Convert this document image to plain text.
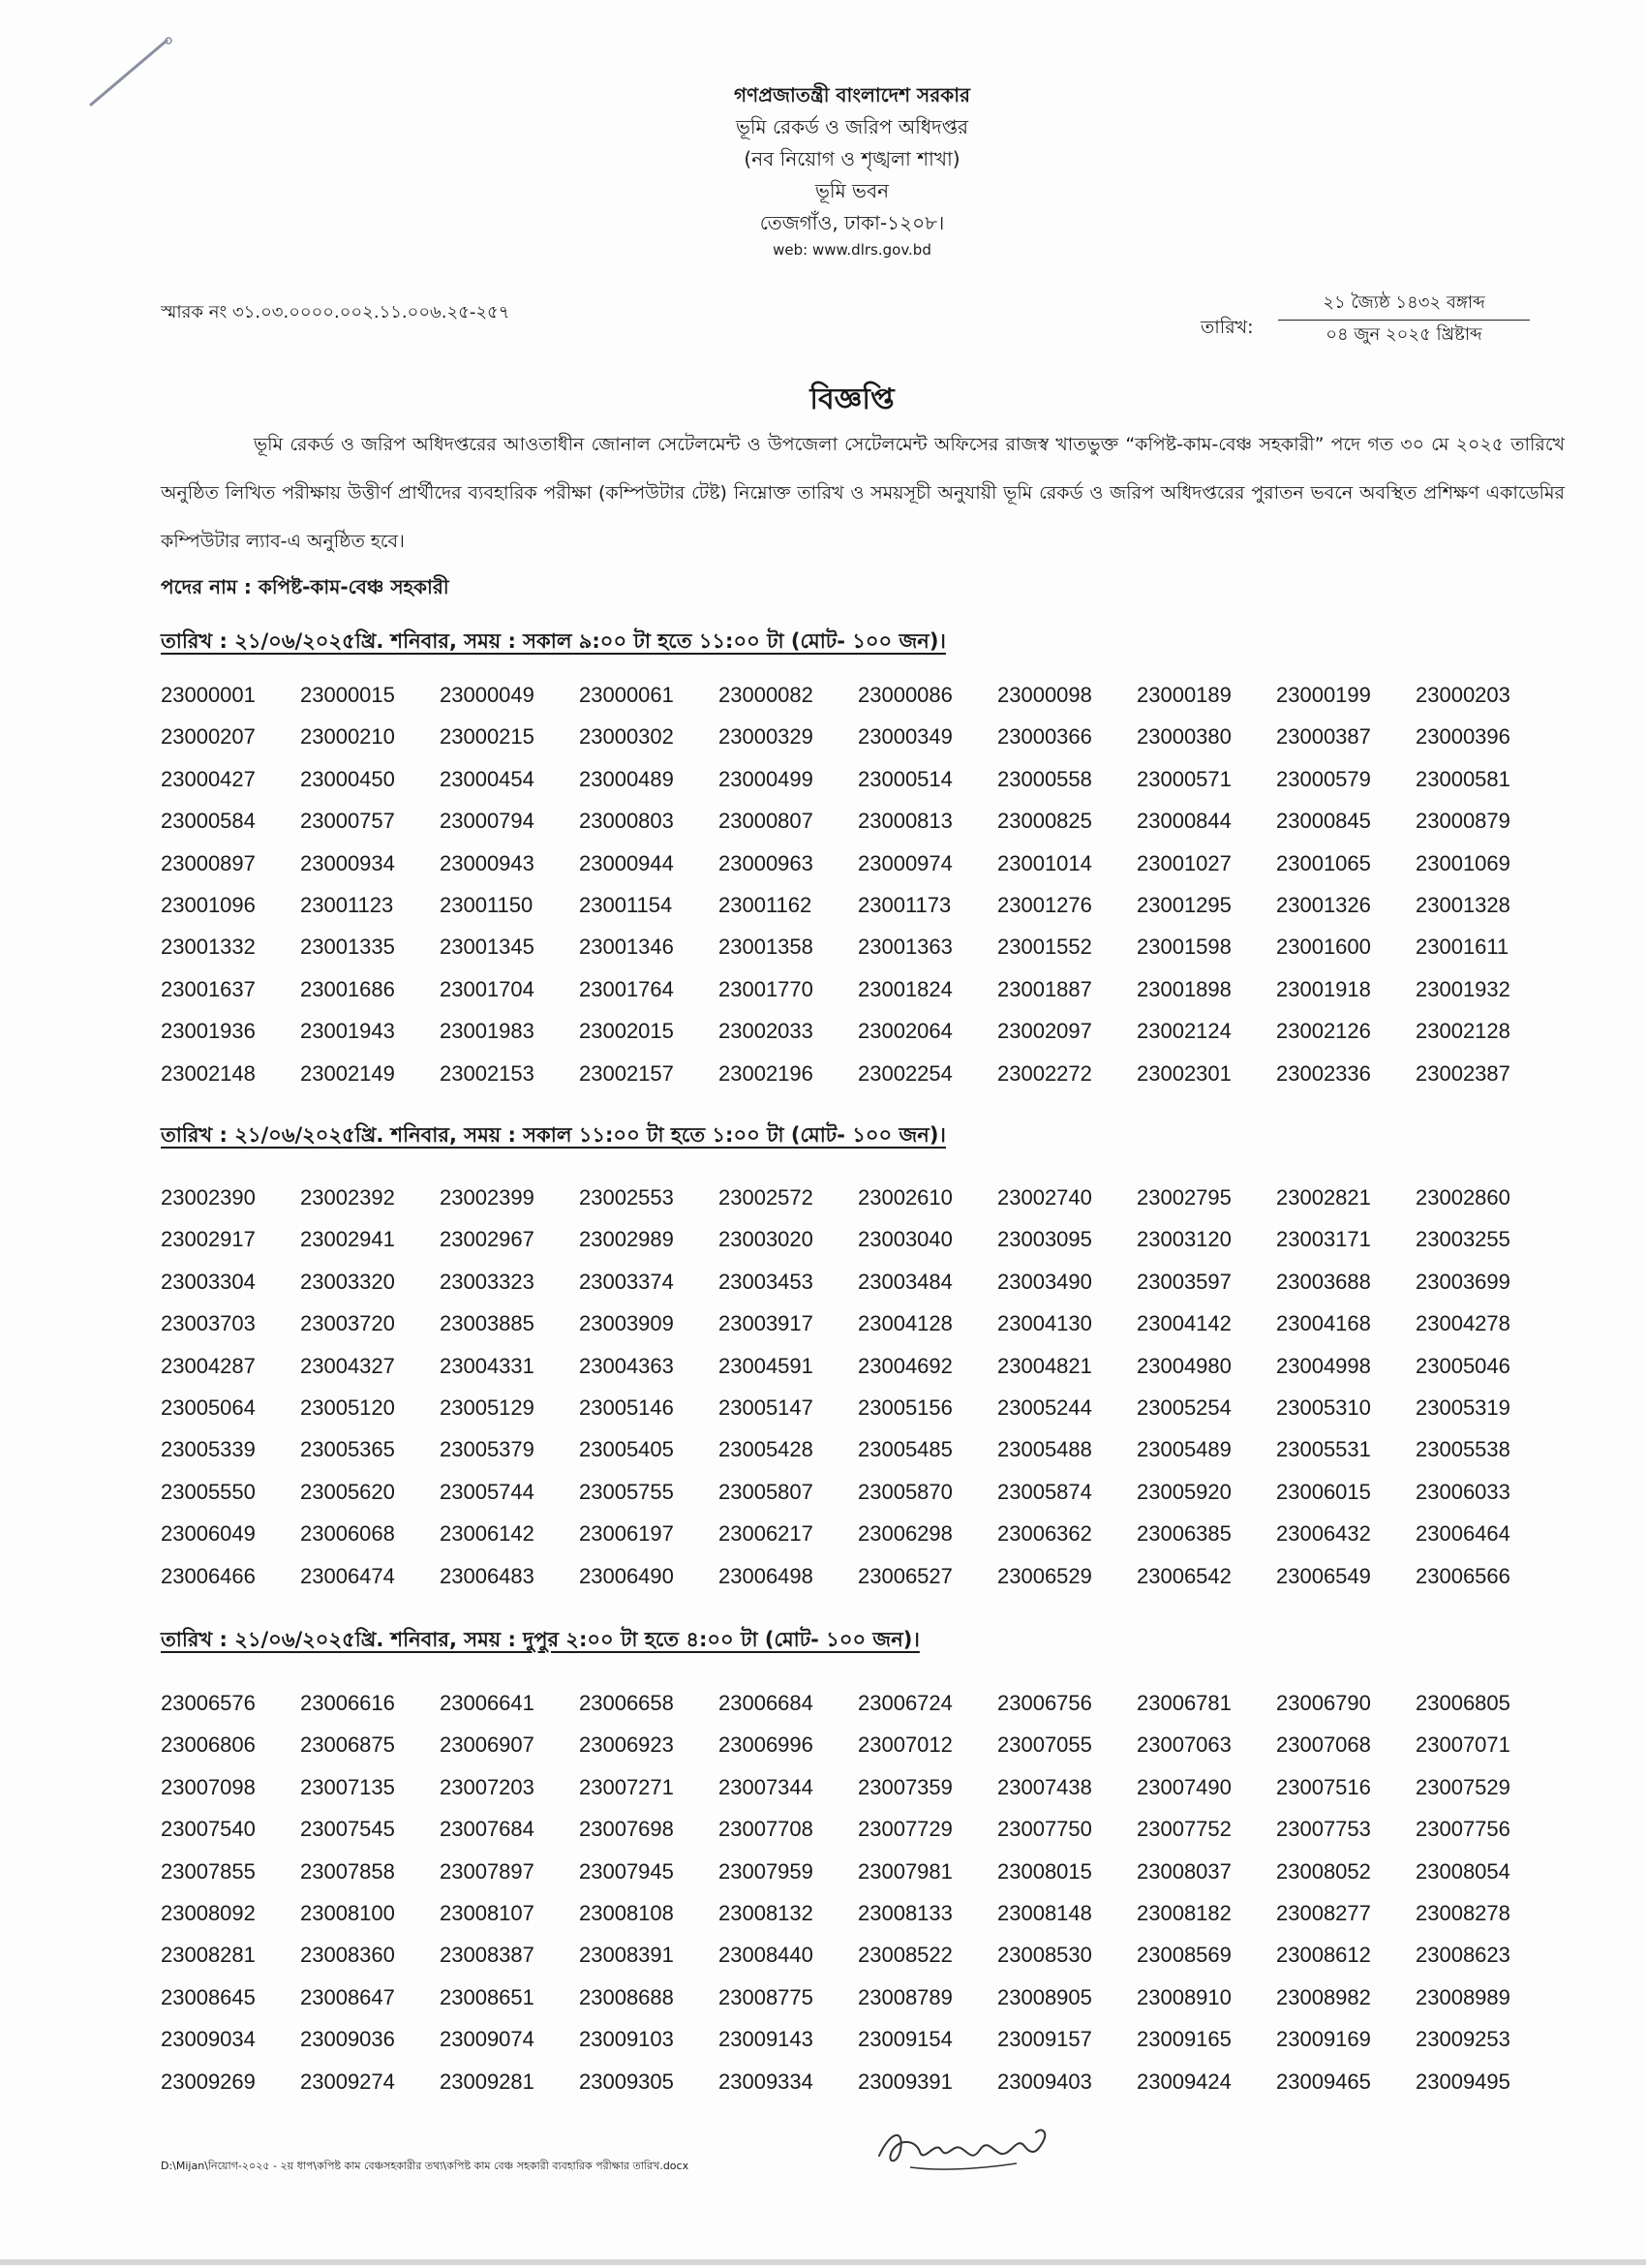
গণপ্রজাতন্ত্রী বাংলাদেশ সরকার
ভূমি রেকর্ড ও জরিপ অধিদপ্তর
(নব নিয়োগ ও শৃঙ্খলা শাখা)
ভূমি ভবন
তেজগাঁও, ঢাকা-১২০৮।
web: www.dlrs.gov.bd
স্মারক নং ৩১.০৩.০০০০.০০২.১১.০০৬.২৫-২৫৭
তারিখ:
২১ জ্যৈষ্ঠ ১৪৩২ বঙ্গাব্দ
০৪ জুন ২০২৫ খ্রিষ্টাব্দ
বিজ্ঞপ্তি
ভূমি রেকর্ড ও জরিপ অধিদপ্তরের আওতাধীন জোনাল সেটেলমেন্ট ও উপজেলা সেটেলমেন্ট অফিসের রাজস্ব খাতভুক্ত “কপিষ্ট-কাম-বেঞ্চ সহকারী” পদে গত ৩০ মে ২০২৫ তারিখে অনুষ্ঠিত লিখিত পরীক্ষায় উত্তীর্ণ প্রার্থীদের ব্যবহারিক পরীক্ষা (কম্পিউটার টেষ্ট) নিম্নোক্ত তারিখ ও সময়সূচী অনুযায়ী ভূমি রেকর্ড ও জরিপ অধিদপ্তরের পুরাতন ভবনে অবস্থিত প্রশিক্ষণ একাডেমির কম্পিউটার ল্যাব-এ অনুষ্ঠিত হবে।
পদের নাম : কপিষ্ট-কাম-বেঞ্চ সহকারী
তারিখ : ২১/০৬/২০২৫খ্রি. শনিবার, সময় : সকাল ৯:০০ টা হতে ১১:০০ টা (মোট- ১০০ জন)।
23000001	23000015	23000049	23000061	23000082	23000086	23000098	23000189	23000199	23000203
23000207	23000210	23000215	23000302	23000329	23000349	23000366	23000380	23000387	23000396
23000427	23000450	23000454	23000489	23000499	23000514	23000558	23000571	23000579	23000581
23000584	23000757	23000794	23000803	23000807	23000813	23000825	23000844	23000845	23000879
23000897	23000934	23000943	23000944	23000963	23000974	23001014	23001027	23001065	23001069
23001096	23001123	23001150	23001154	23001162	23001173	23001276	23001295	23001326	23001328
23001332	23001335	23001345	23001346	23001358	23001363	23001552	23001598	23001600	23001611
23001637	23001686	23001704	23001764	23001770	23001824	23001887	23001898	23001918	23001932
23001936	23001943	23001983	23002015	23002033	23002064	23002097	23002124	23002126	23002128
23002148	23002149	23002153	23002157	23002196	23002254	23002272	23002301	23002336	23002387
তারিখ : ২১/০৬/২০২৫খ্রি. শনিবার, সময় : সকাল ১১:০০ টা হতে ১:০০ টা (মোট- ১০০ জন)।
23002390	23002392	23002399	23002553	23002572	23002610	23002740	23002795	23002821	23002860
23002917	23002941	23002967	23002989	23003020	23003040	23003095	23003120	23003171	23003255
23003304	23003320	23003323	23003374	23003453	23003484	23003490	23003597	23003688	23003699
23003703	23003720	23003885	23003909	23003917	23004128	23004130	23004142	23004168	23004278
23004287	23004327	23004331	23004363	23004591	23004692	23004821	23004980	23004998	23005046
23005064	23005120	23005129	23005146	23005147	23005156	23005244	23005254	23005310	23005319
23005339	23005365	23005379	23005405	23005428	23005485	23005488	23005489	23005531	23005538
23005550	23005620	23005744	23005755	23005807	23005870	23005874	23005920	23006015	23006033
23006049	23006068	23006142	23006197	23006217	23006298	23006362	23006385	23006432	23006464
23006466	23006474	23006483	23006490	23006498	23006527	23006529	23006542	23006549	23006566
তারিখ : ২১/০৬/২০২৫খ্রি. শনিবার, সময় : দুপুর ২:০০ টা হতে ৪:০০ টা (মোট- ১০০ জন)।
23006576	23006616	23006641	23006658	23006684	23006724	23006756	23006781	23006790	23006805
23006806	23006875	23006907	23006923	23006996	23007012	23007055	23007063	23007068	23007071
23007098	23007135	23007203	23007271	23007344	23007359	23007438	23007490	23007516	23007529
23007540	23007545	23007684	23007698	23007708	23007729	23007750	23007752	23007753	23007756
23007855	23007858	23007897	23007945	23007959	23007981	23008015	23008037	23008052	23008054
23008092	23008100	23008107	23008108	23008132	23008133	23008148	23008182	23008277	23008278
23008281	23008360	23008387	23008391	23008440	23008522	23008530	23008569	23008612	23008623
23008645	23008647	23008651	23008688	23008775	23008789	23008905	23008910	23008982	23008989
23009034	23009036	23009074	23009103	23009143	23009154	23009157	23009165	23009169	23009253
23009269	23009274	23009281	23009305	23009334	23009391	23009403	23009424	23009465	23009495
D:\Mijan\নিয়োগ-২০২৫ - ২য় ধাপ\কপিষ্ট কাম বেঞ্চসহকারীর তথ্য\কপিষ্ট কাম বেঞ্চ সহকারী ব্যবহারিক পরীক্ষার তারিখ.docx
